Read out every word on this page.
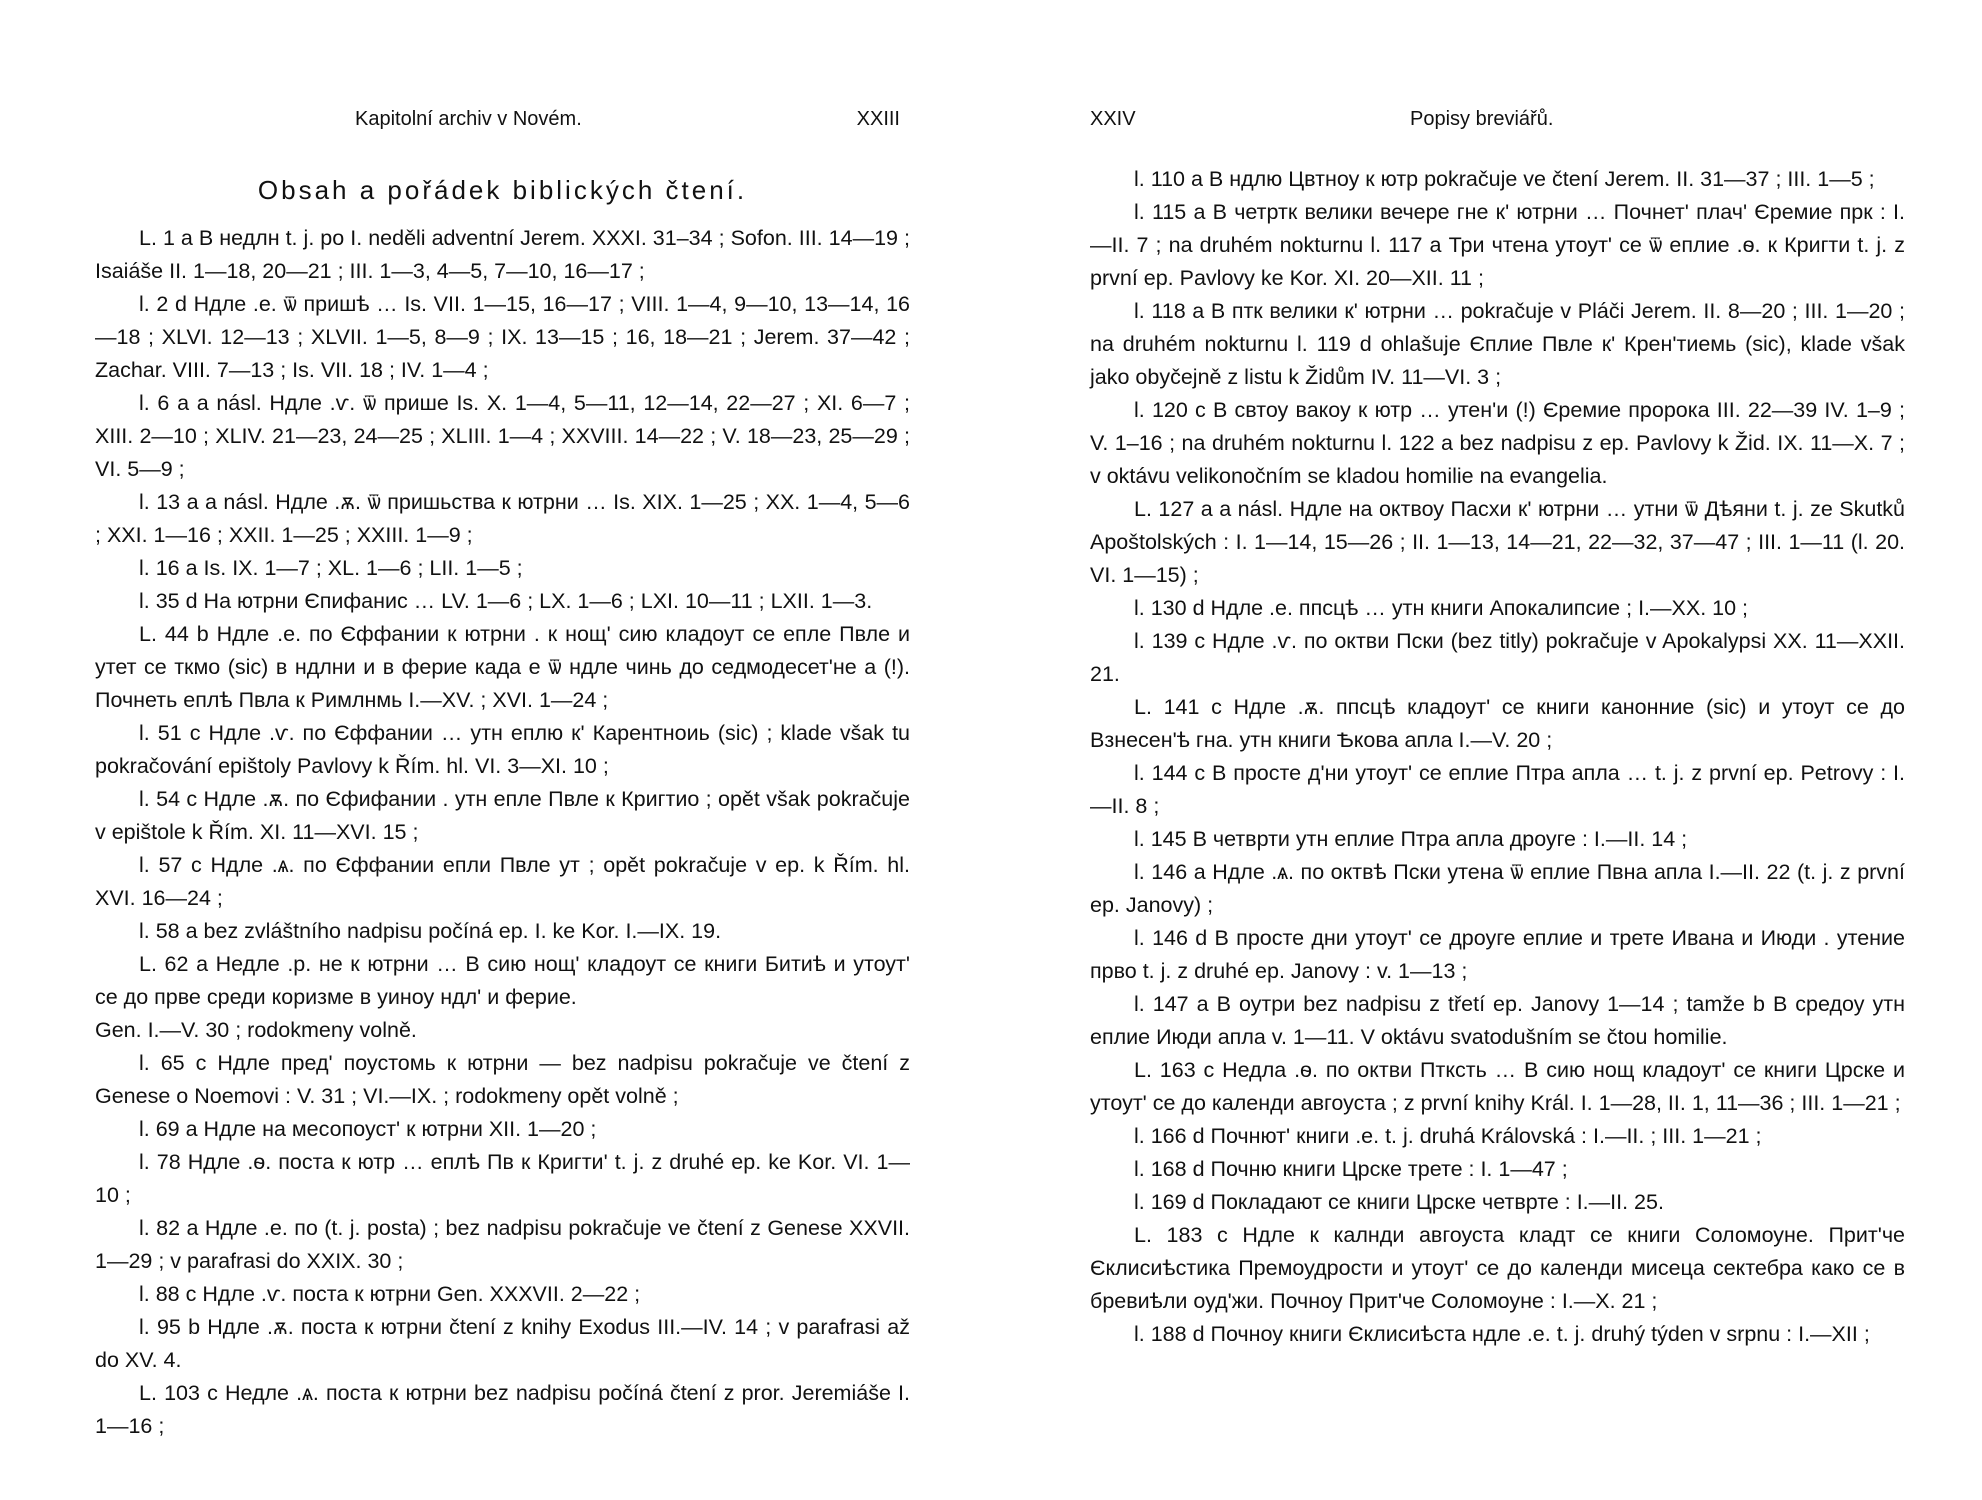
Kapitolní archiv v Novém.	XXIII
Obsah a pořádek biblických čtení.

L. 1 a В недлн t. j. po I. neděli adventní Jerem. XXXI. 31–34 ; Sofon. III. 14—19 ; Isaiáše II. 1—18, 20—21 ; III. 1—3, 4—5, 7—10, 16—17 ;

l. 2 d Ндле .е. ѿ пришѣ … Is. VII. 1—15, 16—17 ; VIII. 1—4, 9—10, 13—14, 16—18 ; XLVI. 12—13 ; XLVII. 1—5, 8—9 ; IX. 13—15 ; 16, 18—21 ; Jerem. 37—42 ; Zachar. VIII. 7—13 ; Is. VII. 18 ; IV. 1—4 ;

l. 6 a a násl. Ндле .ѵ. ѿ пришe Is. X. 1—4, 5—11, 12—14, 22—27 ; XI. 6—7 ; XIII. 2—10 ; XLIV. 21—23, 24—25 ; XLIII. 1—4 ; XXVIII. 14—22 ; V. 18—23, 25—29 ; VI. 5—9 ;

l. 13 a a násl. Ндле .ѫ. ѿ пришьства к ютрни … Is. XIX. 1—25 ; XX. 1—4, 5—6 ; XXI. 1—16 ; XXII. 1—25 ; XXIII. 1—9 ;

l. 16 a Is. IX. 1—7 ; XL. 1—6 ; LII. 1—5 ;

l. 35 d На ютрни Єпифанис … LV. 1—6 ; LX. 1—6 ; LXI. 10—11 ; LXII. 1—3.

L. 44 b Ндле .е. по Єффании к ютрни . к нощ' сию кладоут се епле Пвле и утет се ткмо (sic) в ндлни и в ферие када е ѿ ндле чинь до седмодесет'не а (!). Почнеть еплѣ Пвла к Римлнмь I.—XV. ; XVI. 1—24 ;

l. 51 c Ндле .ѵ. по Єффании … утн еплю к' Карентноиь (sic) ; klade však tu pokračování epištoly Pavlovy k Řím. hl. VI. 3—XI. 10 ;

l. 54 c Ндле .ѫ. по Єфифании . утн еплe Пвле к Кригтио ; opět však pokračuje v epištole k Řím. XI. 11—XVI. 15 ;

l. 57 c Ндле .ѧ. по Єффании епли Пвле ут ; opět pokračuje v ep. k Řím. hl. XVI. 16—24 ;

l. 58 a bez zvláštního nadpisu počíná ep. I. ke Kor. I.—IX. 19.

L. 62 a Недле .р. не к ютрни … В сию нощ' кладоут се книги Битиѣ и утоут' се до прве среди коризме в уиноу ндл' и ферие.

Gen. I.—V. 30 ; rodokmeny volně.

l. 65 c Ндле пред' поустомь к ютрни — bez nadpisu pokračuje ve čtení z Genese o Noemovi : V. 31 ; VI.—IX. ; rodokmeny opět volně ;

l. 69 a Ндле на месопоуст' к ютрни XII. 1—20 ;

l. 78 Ндле .ѳ. поста к ютр … еплѣ Пв к Кригти' t. j. z druhé ep. ke Kor. VI. 1—10 ;

l. 82 a Ндле .е. по (t. j. posta) ; bez nadpisu pokračuje ve čtení z Genese XXVII. 1—29 ; v parafrasi do XXIX. 30 ;

l. 88 c Ндле .ѵ. поста к ютрни Gen. XXXVII. 2—22 ;

l. 95 b Ндле .ѫ. поста к ютрни čtení z knihy Exodus III.—IV. 14 ; v parafrasi až do XV. 4.

L. 103 c Недле .ѧ. поста к ютрни bez nadpisu počíná čtení z pror. Jeremiáše I. 1—16 ;

XXIV	Popisy breviářů.

l. 110 a В ндлю Цвтноу к ютр pokračuje ve čtení Jerem. II. 31—37 ; III. 1—5 ;

l. 115 a В четртк велики вечере гне к' ютрни … Почнет' плач' Єремие прк : I.—II. 7 ; na druhém nokturnu l. 117 a Три чтена утоут' се ѿ еплие .ѳ. к Кригти t. j. z první ep. Pavlovy ke Kor. XI. 20—XII. 11 ;

l. 118 a В птк велики к' ютрни … pokračuje v Pláči Jerem. II. 8—20 ; III. 1—20 ; na druhém nokturnu l. 119 d ohlašuje Єплие Пвле к' Крен'тиемь (sic), klade však jako obyčejně z listu k Židům IV. 11—VI. 3 ;

l. 120 c В свтоу вакоу к ютр … утен'и (!) Єремие пророка III. 22—39 IV. 1–9 ; V. 1–16 ; na druhém nokturnu l. 122 a bez nadpisu z ep. Pavlovy k Žid. IX. 11—X. 7 ; v oktávu velikonočním se kladou homilie na evangelia.

L. 127 a a násl. Ндле на октвоу Пасхи к' ютрни … утни ѿ Дѣяни t. j. ze Skutků Apoštolských : I. 1—14, 15—26 ; II. 1—13, 14—21, 22—32, 37—47 ; III. 1—11 (l. 20. VI. 1—15) ;

l. 130 d Ндле .е. ппсцѣ … утн книги Апокалипсие ; I.—XX. 10 ;

l. 139 c Ндле .ѵ. по октви Пски (bez titly) pokračuje v Apokalypsi XX. 11—XXII. 21.

L. 141 c Ндле .ѫ. ппсцѣ кладоут' се книги канонние (sic) и утоут се до Взнесен'ѣ гна. утн книги Ѣкова апла I.—V. 20 ;

l. 144 c В просте д'ни утоут' се еплие Птра апла … t. j. z první ep. Petrovy : I.—II. 8 ;

l. 145 В четврти утн еплие Птра апла дроуге : I.—II. 14 ;

l. 146 a Ндле .ѧ. по октвѣ Пски утена ѿ еплие Пвна апла I.—II. 22 (t. j. z první ep. Janovy) ;

l. 146 d В просте дни утоут' се дроуге еплие и трете Ивана и Июди . утение прво t. j. z druhé ep. Janovy : v. 1—13 ;

l. 147 a В оутри bez nadpisu z třetí ep. Janovy 1—14 ; tamže b В средоу утн еплие Июди апла v. 1—11. V oktávu svatodušním se čtou homilie.

L. 163 c Недла .ѳ. по октви Птксть … В сию нощ кладоут' се книги Црске и утоут' се до календи авгоуста ; z první knihy Král. I. 1—28, II. 1, 11—36 ; III. 1—21 ;

l. 166 d Почнют' книги .е. t. j. druhá Královská : I.—II. ; III. 1—21 ;

l. 168 d Почню книги Црске трете : I. 1—47 ;

l. 169 d Покладают се книги Црске четврте : I.—II. 25.

L. 183 c Ндле к калнди авгоуста кладт се книги Соломоуне. Прит'че Єклисиѣстика Премоудрости и утоут' се до календи мисеца сектебра како се в бревиѣли оуд'жи. Почноу Прит'че Соломоуне : I.—X. 21 ;

l. 188 d Почноу книги Єклисиѣста ндле .е. t. j. druhý týden v srpnu : I.—XII ;
